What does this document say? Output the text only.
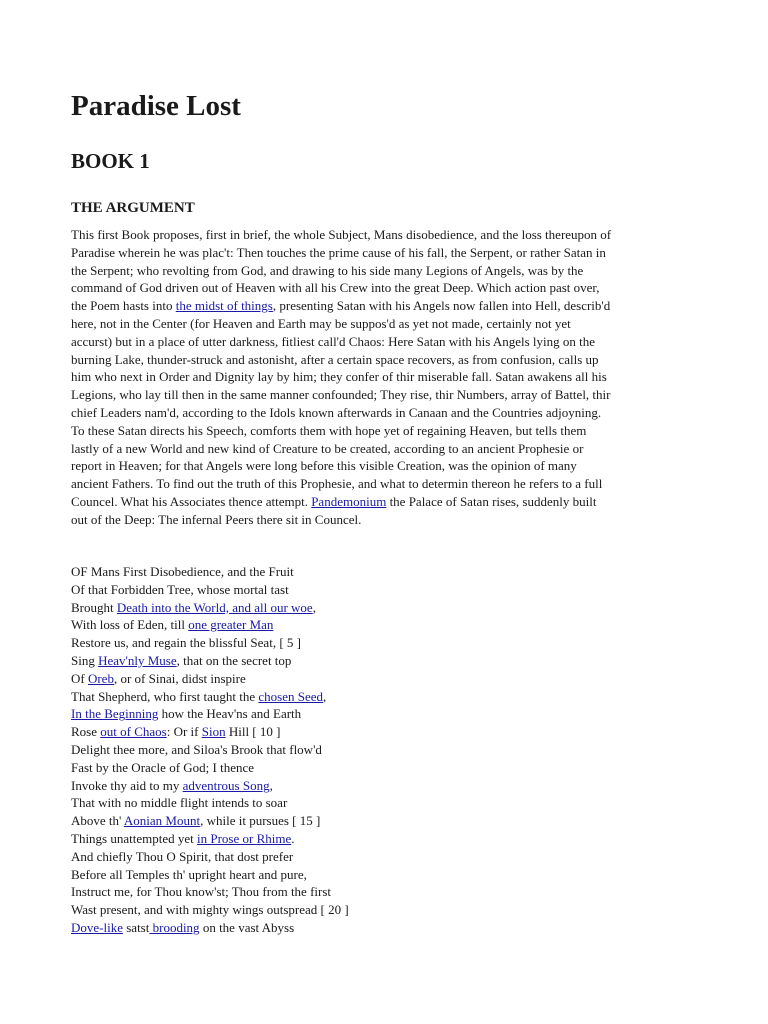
Paradise Lost
BOOK 1
THE ARGUMENT
This first Book proposes, first in brief, the whole Subject, Mans disobedience, and the loss thereupon of
Paradise wherein he was plac't: Then touches the prime cause of his fall, the Serpent, or rather Satan in
the Serpent; who revolting from God, and drawing to his side many Legions of Angels, was by the
command of God driven out of Heaven with all his Crew into the great Deep. Which action past over,
the Poem hasts into the midst of things, presenting Satan with his Angels now fallen into Hell, describ'd
here, not in the Center (for Heaven and Earth may be suppos'd as yet not made, certainly not yet
accurst) but in a place of utter darkness, fitliest call'd Chaos: Here Satan with his Angels lying on the
burning Lake, thunder-struck and astonisht, after a certain space recovers, as from confusion, calls up
him who next in Order and Dignity lay by him; they confer of thir miserable fall. Satan awakens all his
Legions, who lay till then in the same manner confounded; They rise, thir Numbers, array of Battel, thir
chief Leaders nam'd, according to the Idols known afterwards in Canaan and the Countries adjoyning.
To these Satan directs his Speech, comforts them with hope yet of regaining Heaven, but tells them
lastly of a new World and new kind of Creature to be created, according to an ancient Prophesie or
report in Heaven; for that Angels were long before this visible Creation, was the opinion of many
ancient Fathers. To find out the truth of this Prophesie, and what to determin thereon he refers to a full
Councel. What his Associates thence attempt. Pandemonium the Palace of Satan rises, suddenly built
out of the Deep: The infernal Peers there sit in Councel.
OF Mans First Disobedience, and the Fruit
Of that Forbidden Tree, whose mortal tast
Brought Death into the World, and all our woe,
With loss of Eden, till one greater Man
Restore us, and regain the blissful Seat, [ 5 ]
Sing Heav'nly Muse, that on the secret top
Of Oreb, or of Sinai, didst inspire
That Shepherd, who first taught the chosen Seed,
In the Beginning how the Heav'ns and Earth
Rose out of Chaos: Or if Sion Hill [ 10 ]
Delight thee more, and Siloa's Brook that flow'd
Fast by the Oracle of God; I thence
Invoke thy aid to my adventrous Song,
That with no middle flight intends to soar
Above th' Aonian Mount, while it pursues [ 15 ]
Things unattempted yet in Prose or Rhime.
And chiefly Thou O Spirit, that dost prefer
Before all Temples th' upright heart and pure,
Instruct me, for Thou know'st; Thou from the first
Wast present, and with mighty wings outspread [ 20 ]
Dove-like satst brooding on the vast Abyss
